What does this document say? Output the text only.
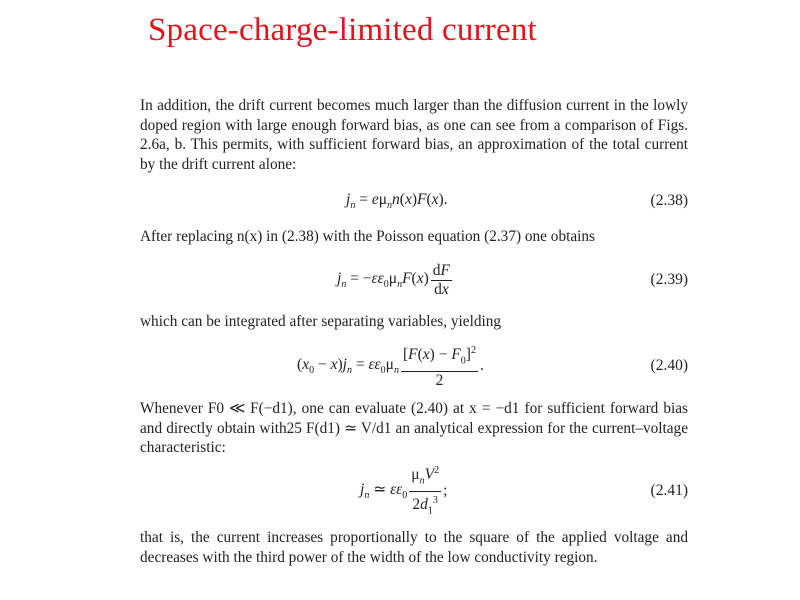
Space-charge-limited current
In addition, the drift current becomes much larger than the diffusion current in the lowly doped region with large enough forward bias, as one can see from a comparison of Figs. 2.6a, b. This permits, with sufficient forward bias, an approximation of the total current by the drift current alone:
$j_n = e\mu_nn(x)F(x)$.	(2.38)
After replacing n(x) in (2.38) with the Poisson equation (2.37) one obtains
$j_n = -\varepsilon\varepsilon_0\mu_nF(x) \frac{dF}{dx}$	(2.39)
which can be integrated after separating variables, yielding
$(x_0 - x)j_n = \varepsilon\varepsilon_0\mu_n \frac{[F(x) - F_0]^2}{2}$ .	(2.40)
Whenever F0 ≪ F(−d1), one can evaluate (2.40) at x = −d1 for sufficient forward bias and directly obtain with25 F(d1) ≃ V/d1 an analytical expression for the current–voltage characteristic:
$j_n$ ≃ $\varepsilon\varepsilon_0 \frac{\mu_nV^2}{2d_1^3}$ ;	(2.41)
that is, the current increases proportionally to the square of the applied voltage and decreases with the third power of the width of the low conductivity region.
